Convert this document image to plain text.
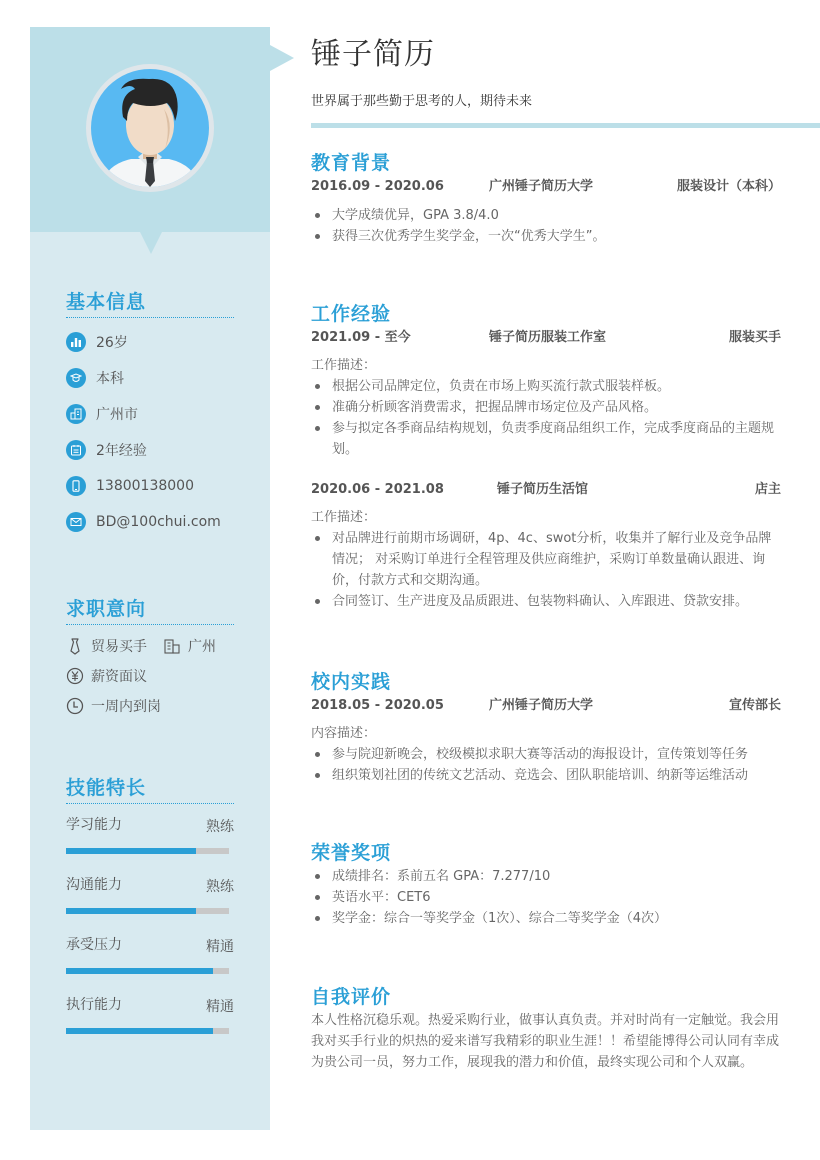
基本信息
26岁
本科
广州市
2年经验
13800138000
BD@100chui.com
求职意向
贸易买手	广州
薪资面议
一周内到岗
技能特长
学习能力	熟练
沟通能力	熟练
承受压力	精通
执行能力	精通
锤子简历
世界属于那些勤于思考的人，期待未来
教育背景
2016.09 - 2020.06	广州锤子简历大学	服装设计（本科）
大学成绩优异，GPA 3.8/4.0
获得三次优秀学生奖学金，一次“优秀大学生”。
工作经验
2021.09 - 至今	锤子简历服装工作室	服装买手
工作描述：
根据公司品牌定位，负责在市场上购买流行款式服装样板。
准确分析顾客消费需求，把握品牌市场定位及产品风格。
参与拟定各季商品结构规划，负责季度商品组织工作，完成季度商品的主题规划。
2020.06 - 2021.08	锤子简历生活馆	店主
工作描述：
对品牌进行前期市场调研，4p、4c、swot分析，收集并了解行业及竞争品牌情况； 对采购订单进行全程管理及供应商维护，采购订单数量确认跟进、询价，付款方式和交期沟通。
合同签订、生产进度及品质跟进、包装物料确认、入库跟进、贷款安排。
校内实践
2018.05 - 2020.05	广州锤子简历大学	宣传部长
内容描述：
参与院迎新晚会，校级模拟求职大赛等活动的海报设计，宣传策划等任务
组织策划社团的传统文艺活动、竞选会、团队职能培训、纳新等运维活动
荣誉奖项
成绩排名：系前五名 GPA：7.277/10
英语水平：CET6
奖学金：综合一等奖学金（1次）、综合二等奖学金（4次）
自我评价

本人性格沉稳乐观。热爱采购行业，做事认真负责。并对时尚有一定触觉。我会用我对买手行业的炽热的爱来谱写我精彩的职业生涯！！希望能博得公司认同有幸成为贵公司一员，努力工作，展现我的潜力和价值，最终实现公司和个人双赢。
